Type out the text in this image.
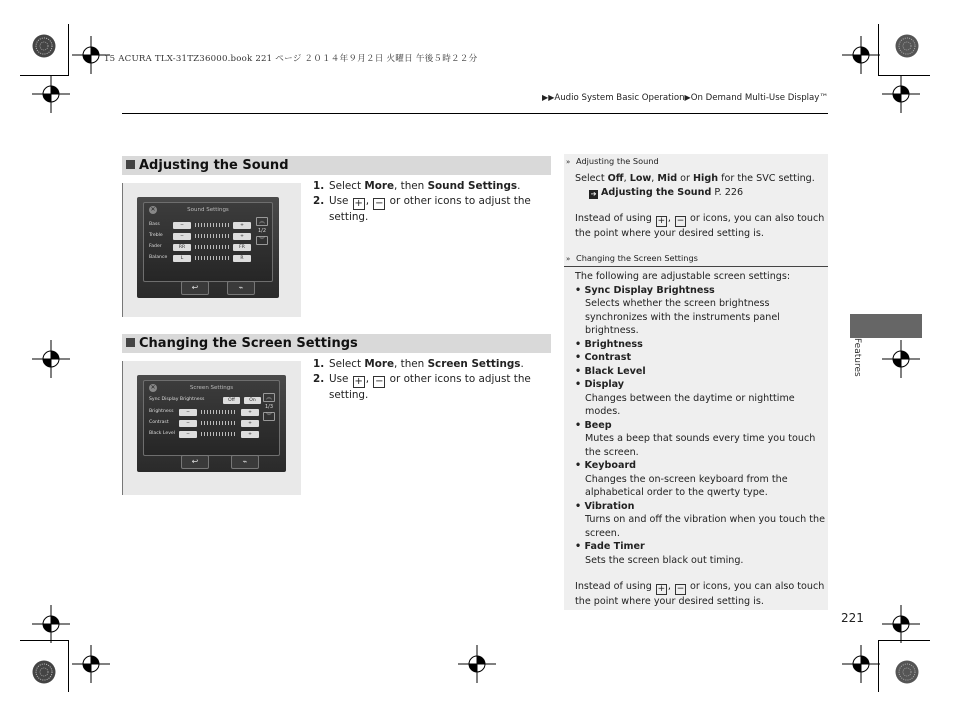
15 ACURA TLX-31TZ36000.book 221 ページ ２０１４年９月２日 火曜日 午後５時２２分
▶▶Audio System Basic Operation▶On Demand Multi-Use Display™
Adjusting the Sound
✕	Sound Settings
Bass	−	+
Treble	−	+
Fader	RR	FR
Balance	L	R
︽
1/2
︾
↩	⌁
1. Select More, then Sound Settings.
2. Use + , − or other icons to adjust the setting.
Changing the Screen Settings
✕	Screen Settings
Sync Display Brightness	Off	On
Brightness	−	+
Contrast	−	+
Black Level	−	+
︽
1/3
︾
↩	⌁
1. Select More, then Screen Settings.
2. Use + , − or other icons to adjust the setting.
» Adjusting the Sound
Select Off, Low, Mid or High for the SVC setting.
➔ Adjusting the Sound P. 226
Instead of using + , − or icons, you can also touch the point where your desired setting is.
» Changing the Screen Settings
The following are adjustable screen settings:
• Sync Display Brightness
Selects whether the screen brightness synchronizes with the instruments panel brightness.
• Brightness
• Contrast
• Black Level
• Display
Changes between the daytime or nighttime modes.
• Beep
Mutes a beep that sounds every time you touch the screen.
• Keyboard
Changes the on-screen keyboard from the alphabetical order to the qwerty type.
• Vibration
Turns on and off the vibration when you touch the screen.
• Fade Timer
Sets the screen black out timing.
Instead of using + , − or icons, you can also touch the point where your desired setting is.
Features
221
